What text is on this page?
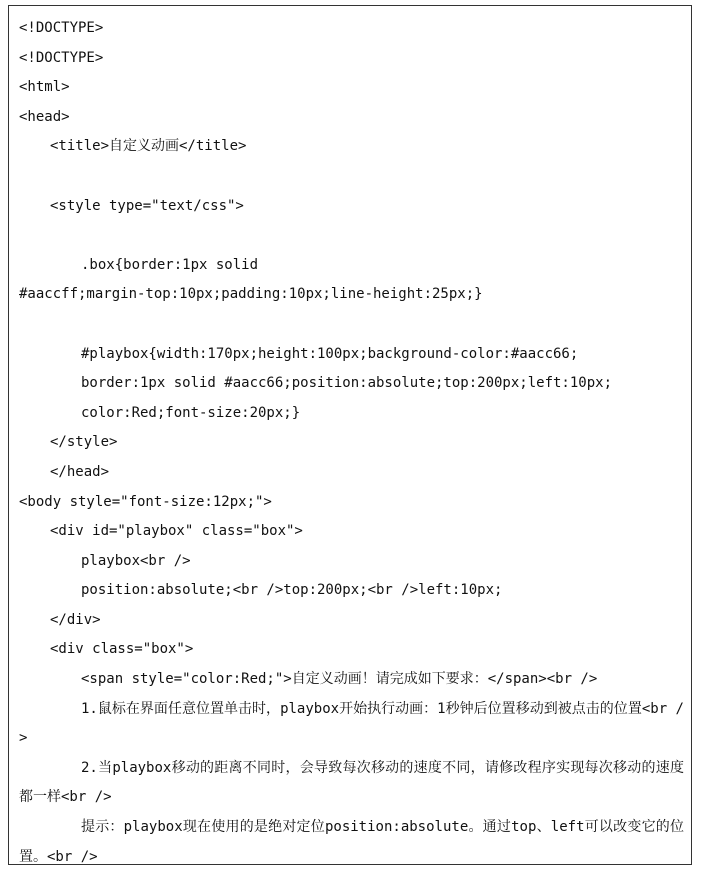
<!DOCTYPE>
<!DOCTYPE>
<html>
<head>
<title>自定义动画</title>
<style type="text/css">
.box{border:1px solid
#aaccff;margin-top:10px;padding:10px;line-height:25px;}
#playbox{width:170px;height:100px;background-color:#aacc66;
border:1px solid #aacc66;position:absolute;top:200px;left:10px;
color:Red;font-size:20px;}
</style>
</head>
<body style="font-size:12px;">
<div id="playbox" class="box">
playbox<br />
position:absolute;<br />top:200px;<br />left:10px;
</div>
<div class="box">
<span style="color:Red;">自定义动画！请完成如下要求：</span><br />
1.鼠标在界面任意位置单击时，playbox开始执行动画：1秒钟后位置移动到被点击的位置<br />
2.当playbox移动的距离不同时，会导致每次移动的速度不同，请修改程序实现每次移动的速度都一样<br />
提示：playbox现在使用的是绝对定位position:absolute。通过top、left可以改变它的位置。<br />
